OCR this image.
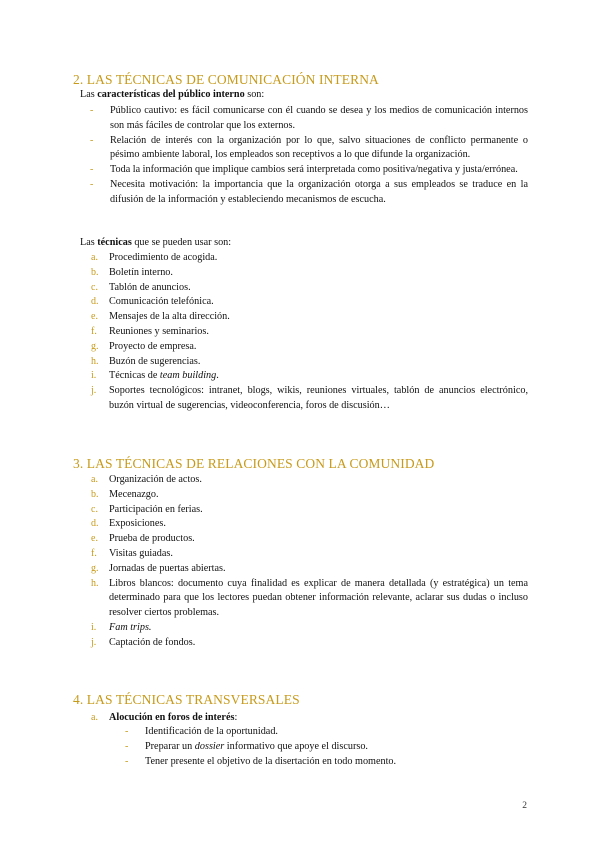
2. LAS TÉCNICAS DE COMUNICACIÓN INTERNA

Las características del público interno son:

- Público cautivo: es fácil comunicarse con él cuando se desea y los medios de comunicación internos son más fáciles de controlar que los externos.
- Relación de interés con la organización por lo que, salvo situaciones de conflicto permanente o pésimo ambiente laboral, los empleados son receptivos a lo que difunde la organización.
- Toda la información que implique cambios será interpretada como positiva/negativa y justa/errónea.
- Necesita motivación: la importancia que la organización otorga a sus empleados se traduce en la difusión de la información y estableciendo mecanismos de escucha.

Las técnicas que se pueden usar son:

a. Procedimiento de acogida.
b. Boletín interno.
c. Tablón de anuncios.
d. Comunicación telefónica.
e. Mensajes de la alta dirección.
f. Reuniones y seminarios.
g. Proyecto de empresa.
h. Buzón de sugerencias.
i. Técnicas de team building.
j. Soportes tecnológicos: intranet, blogs, wikis, reuniones virtuales, tablón de anuncios electrónico, buzón virtual de sugerencias, videoconferencia, foros de discusión…
3. LAS TÉCNICAS DE RELACIONES CON LA COMUNIDAD
a. Organización de actos.
b. Mecenazgo.
c. Participación en ferias.
d. Exposiciones.
e. Prueba de productos.
f. Visitas guiadas.
g. Jornadas de puertas abiertas.
h. Libros blancos: documento cuya finalidad es explicar de manera detallada (y estratégica) un tema determinado para que los lectores puedan obtener información relevante, aclarar sus dudas o incluso resolver ciertos problemas.
i. Fam trips.
j. Captación de fondos.
4. LAS TÉCNICAS TRANSVERSALES
a. Alocución en foros de interés:
- Identificación de la oportunidad.
- Preparar un dossier informativo que apoye el discurso.
- Tener presente el objetivo de la disertación en todo momento.
2
